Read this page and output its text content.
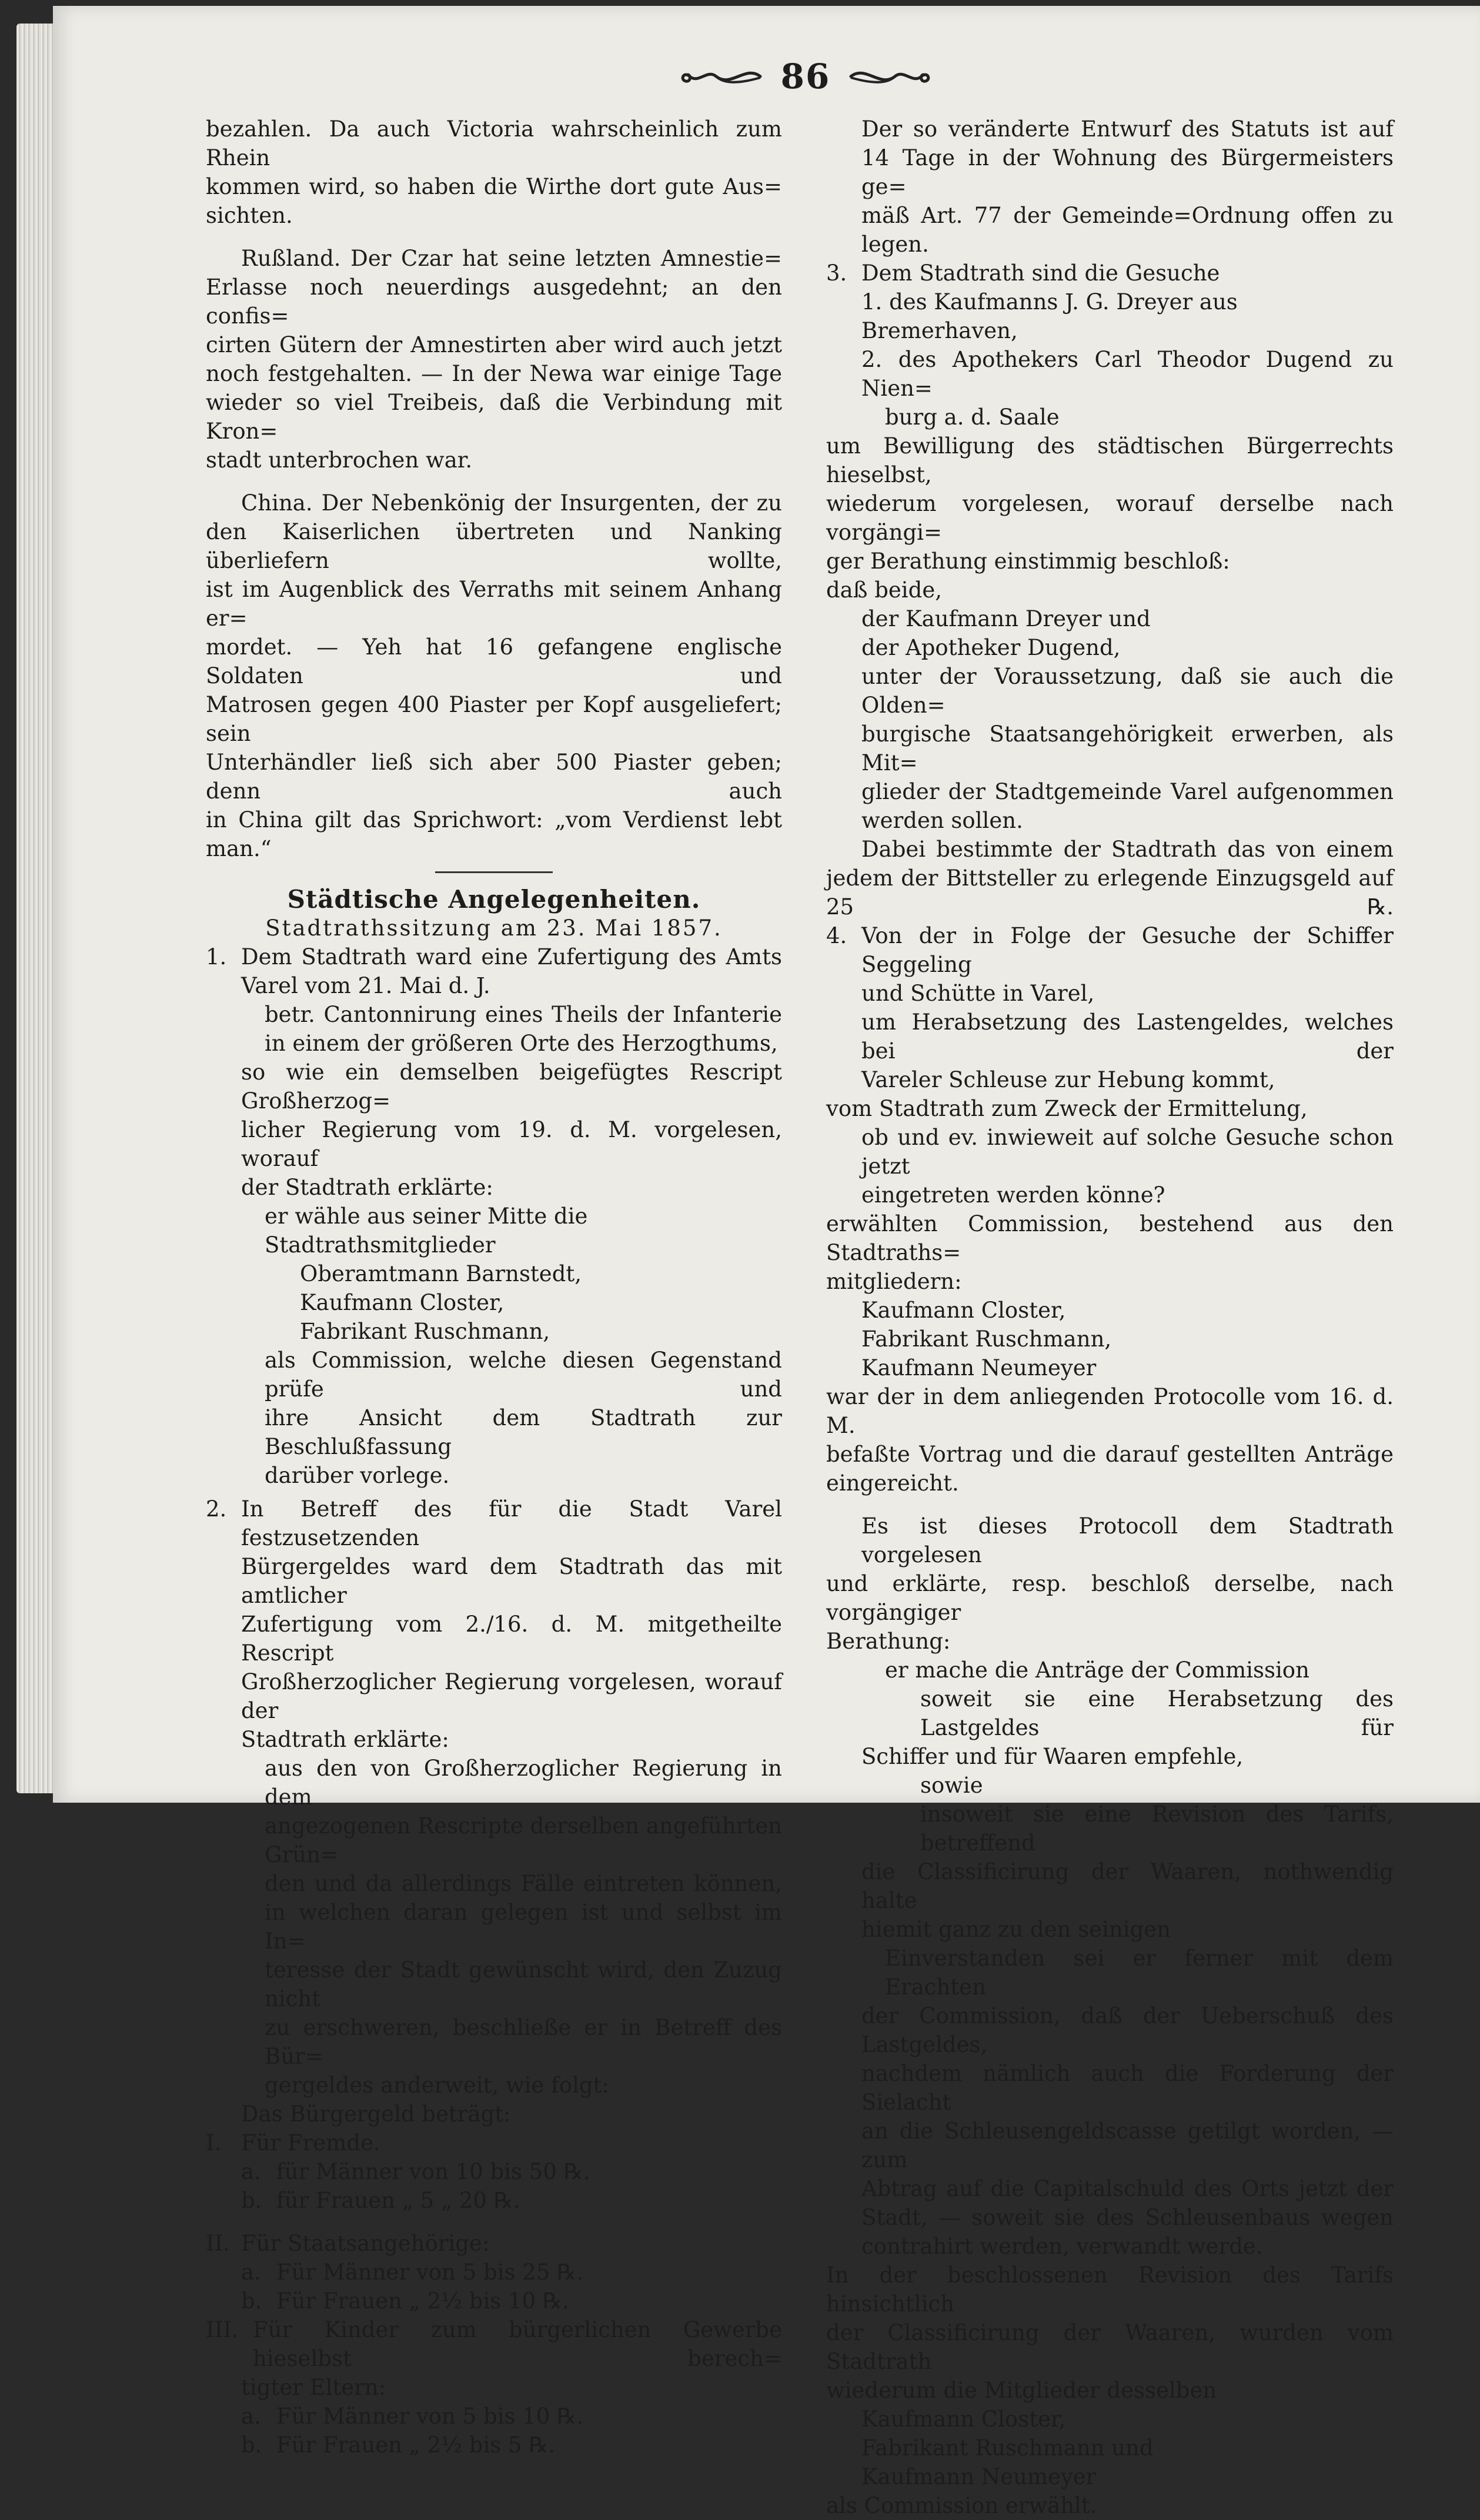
86

bezahlen. Da auch Victoria wahrscheinlich zum Rhein

kommen wird, so haben die Wirthe dort gute Aus=

sichten.

Rußland. Der Czar hat seine letzten Amnestie=

Erlasse noch neuerdings ausgedehnt; an den confis=

cirten Gütern der Amnestirten aber wird auch jetzt

noch festgehalten. — In der Newa war einige Tage

wieder so viel Treibeis, daß die Verbindung mit Kron=

stadt unterbrochen war.

China. Der Nebenkönig der Insurgenten, der zu

den Kaiserlichen übertreten und Nanking überliefern wollte,

ist im Augenblick des Verraths mit seinem Anhang er=

mordet. — Yeh hat 16 gefangene englische Soldaten und

Matrosen gegen 400 Piaster per Kopf ausgeliefert; sein

Unterhändler ließ sich aber 500 Piaster geben; denn auch

in China gilt das Sprichwort: „vom Verdienst lebt man.“

Städtische Angelegenheiten.

Stadtrathssitzung am 23. Mai 1857.

1. Dem Stadtrath ward eine Zufertigung des Amts

Varel vom 21. Mai d. J.

betr. Cantonnirung eines Theils der Infanterie

in einem der größeren Orte des Herzogthums,

so wie ein demselben beigefügtes Rescript Großherzog=

licher Regierung vom 19. d. M. vorgelesen, worauf

der Stadtrath erklärte:

er wähle aus seiner Mitte die Stadtrathsmitglieder

Oberamtmann Barnstedt,

Kaufmann Closter,

Fabrikant Ruschmann,

als Commission, welche diesen Gegenstand prüfe und

ihre Ansicht dem Stadtrath zur Beschlußfassung

darüber vorlege.

2. In Betreff des für die Stadt Varel festzusetzenden

Bürgergeldes ward dem Stadtrath das mit amtlicher

Zufertigung vom 2./16. d. M. mitgetheilte Rescript

Großherzoglicher Regierung vorgelesen, worauf der

Stadtrath erklärte:

aus den von Großherzoglicher Regierung in dem

angezogenen Rescripte derselben angeführten Grün=

den und da allerdings Fälle eintreten können,

in welchen daran gelegen ist und selbst im In=

teresse der Stadt gewünscht wird, den Zuzug nicht

zu erschweren, beschließe er in Betreff des Bür=

gergeldes anderweit, wie folgt:

Das Bürgergeld beträgt:

I. Für Fremde.
a. für Männer von 10 bis 50 ℞.
b. für Frauen „ 5 „ 20 ℞.
II. Für Staatsangehörige:
a. Für Männer von 5 bis 25 ℞.
b. Für Frauen „ 2½ bis 10 ℞.
III. Für Kinder zum bürgerlichen Gewerbe hieselbst berech=

tigter Eltern:

a. Für Männer von 5 bis 10 ℞.
b. Für Frauen „ 2½ bis 5 ℞.

Der so veränderte Entwurf des Statuts ist auf

14 Tage in der Wohnung des Bürgermeisters ge=

mäß Art. 77 der Gemeinde=Ordnung offen zu legen.

3. Dem Stadtrath sind die Gesuche

1. des Kaufmanns J. G. Dreyer aus Bremerhaven,

2. des Apothekers Carl Theodor Dugend zu Nien=

burg a. d. Saale

um Bewilligung des städtischen Bürgerrechts hieselbst,

wiederum vorgelesen, worauf derselbe nach vorgängi=

ger Berathung einstimmig beschloß:

daß beide,

der Kaufmann Dreyer und

der Apotheker Dugend,

unter der Voraussetzung, daß sie auch die Olden=

burgische Staatsangehörigkeit erwerben, als Mit=

glieder der Stadtgemeinde Varel aufgenommen

werden sollen.

Dabei bestimmte der Stadtrath das von einem

jedem der Bittsteller zu erlegende Einzugsgeld auf 25 ℞.

4. Von der in Folge der Gesuche der Schiffer Seggeling

und Schütte in Varel,

um Herabsetzung des Lastengeldes, welches bei der

Vareler Schleuse zur Hebung kommt,

vom Stadtrath zum Zweck der Ermittelung,

ob und ev. inwieweit auf solche Gesuche schon jetzt

eingetreten werden könne?

erwählten Commission, bestehend aus den Stadtraths=

mitgliedern:

Kaufmann Closter,

Fabrikant Ruschmann,

Kaufmann Neumeyer

war der in dem anliegenden Protocolle vom 16. d. M.

befaßte Vortrag und die darauf gestellten Anträge

eingereicht.

Es ist dieses Protocoll dem Stadtrath vorgelesen

und erklärte, resp. beschloß derselbe, nach vorgängiger

Berathung:

er mache die Anträge der Commission

soweit sie eine Herabsetzung des Lastgeldes für

Schiffer und für Waaren empfehle,

sowie

insoweit sie eine Revision des Tarifs, betreffend

die Classificirung der Waaren, nothwendig halte

hiemit ganz zu den seinigen

Einverstanden sei er ferner mit dem Erachten

der Commission, daß der Ueberschuß des Lastgeldes,

nachdem nämlich auch die Forderung der Sielacht

an die Schleusengeldscasse getilgt worden, — zum

Abtrag auf die Capitalschuld des Orts jetzt der

Stadt, — soweit sie des Schleusenbaus wegen

contrahirt werden, verwandt werde.

In der beschlossenen Revision des Tarifs hinsichtlich

der Classificirung der Waaren, wurden vom Stadtrath

wiederum die Mitglieder desselben

Kaufmann Closter,

Fabrikant Ruschmann und

Kaufmann Neumeyer

als Commission erwählt.
